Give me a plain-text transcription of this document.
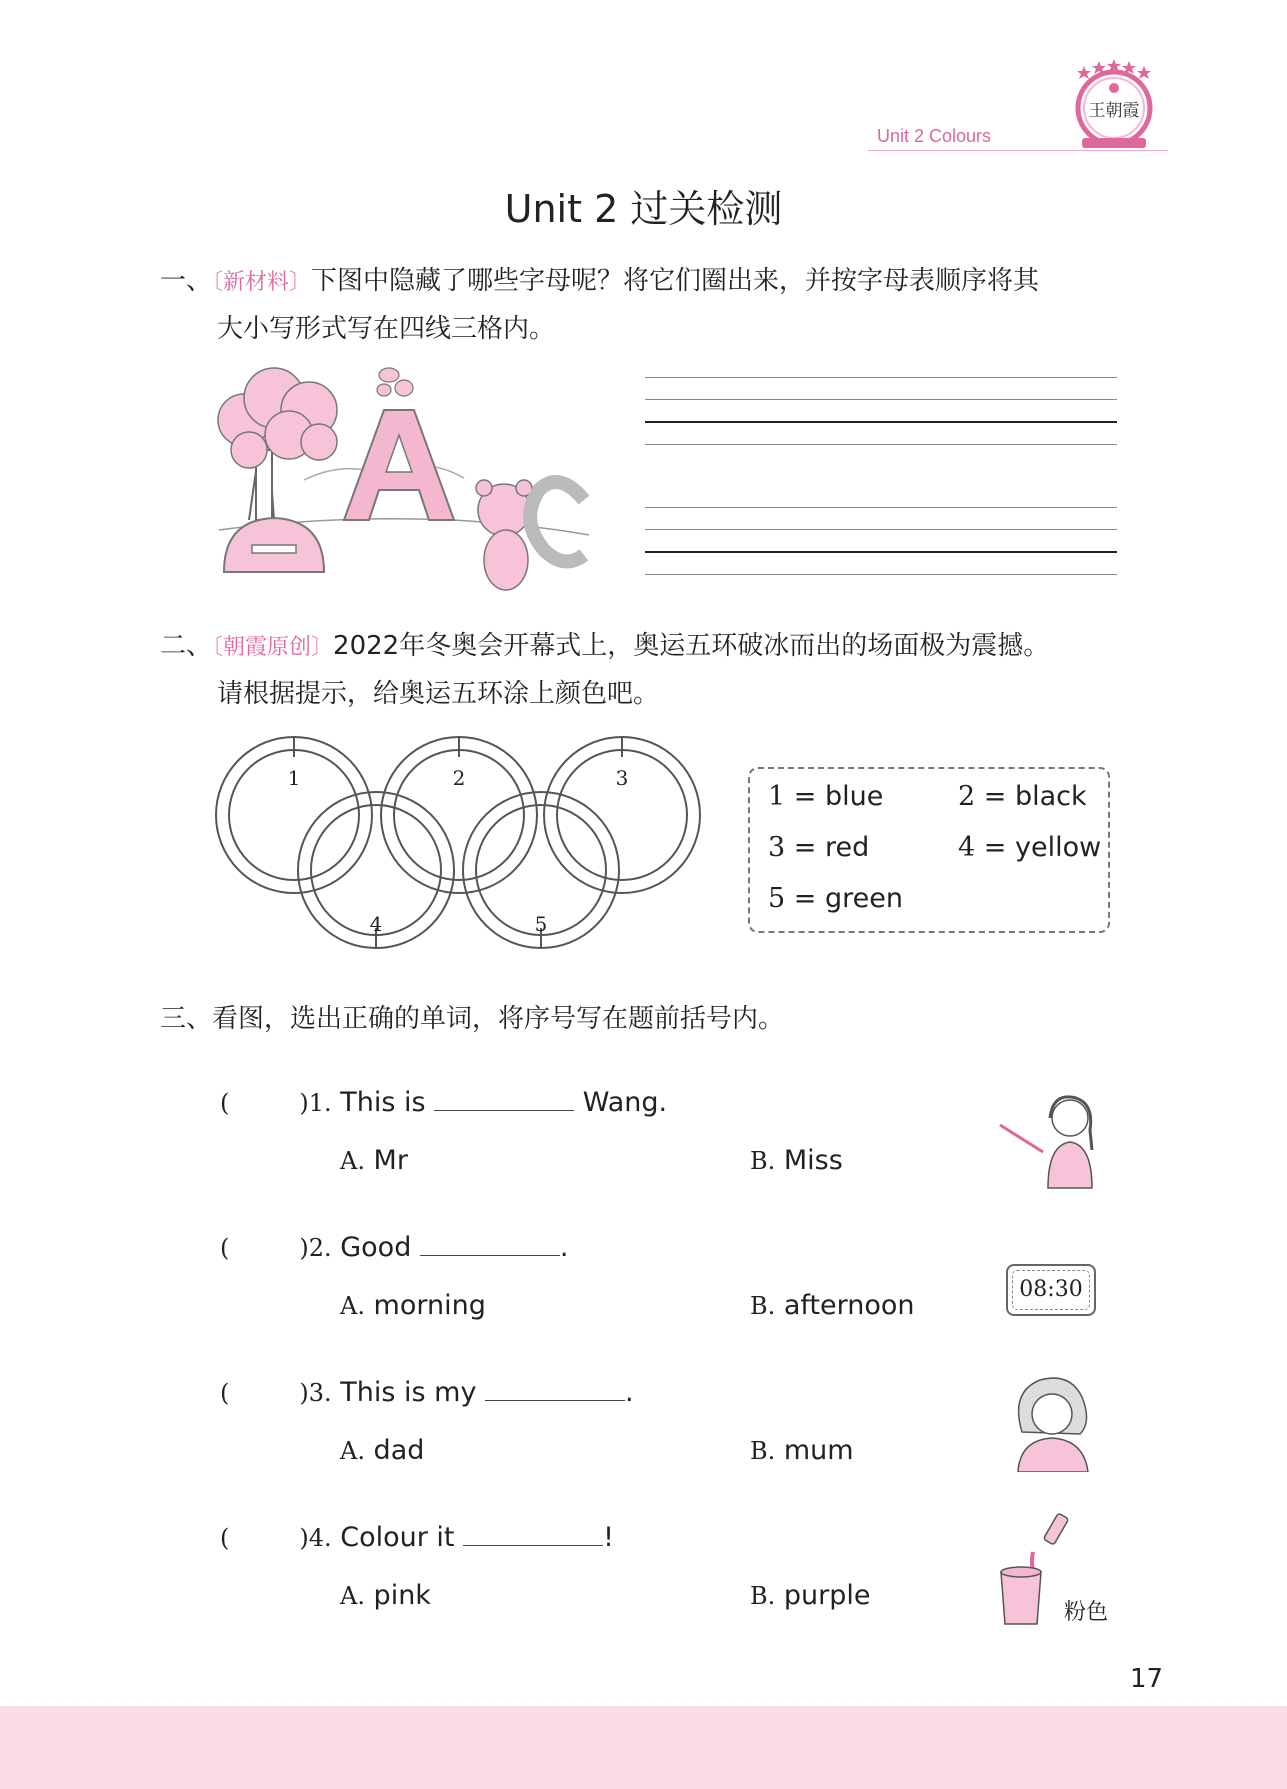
Unit 2 Colours
王朝霞
Unit 2 过关检测
一、〔新材料〕下图中隐藏了哪些字母呢？将它们圈出来，并按字母表顺序将其
大小写形式写在四线三格内。
二、〔朝霞原创〕2022年冬奥会开幕式上，奥运五环破冰而出的场面极为震撼。
请根据提示，给奥运五环涂上颜色吧。
1	2	3
4	5
1 = blue	2 = black
3 = red	4 = yellow
5 = green
三、看图，选出正确的单词，将序号写在题前括号内。
(	)1. This is	Wang.
A. Mr	B. Miss
(	)2. Good	.
A. morning	B. afternoon
08:30
(	)3. This is my	.
A. dad	B. mum
(	)4. Colour it	!
A. pink	B. purple
粉色
17
